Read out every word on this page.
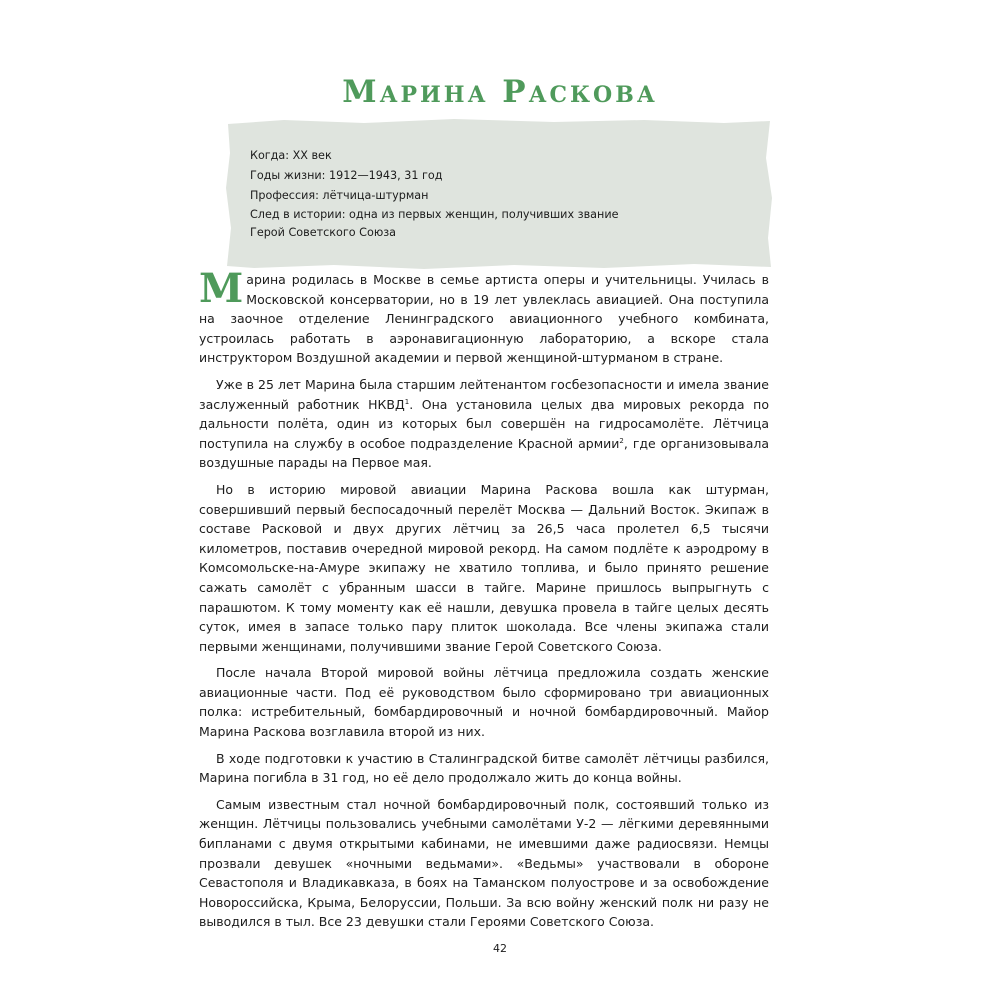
Марина Раскова

Когда: XX век

Годы жизни: 1912—1943, 31 год

Профессия: лётчица-штурман

След в истории: одна из первых женщин, получивших звание

Герой Советского Союза

Марина родилась в Москве в семье артиста оперы и учительницы. Училась в Московской консерватории, но в 19 лет увлеклась авиацией. Она поступила на заочное отделение Ленинградского авиационного учебного комбината, устроилась работать в аэронавигационную лабораторию, а вскоре стала инструктором Воздушной академии и первой женщиной-штурманом в стране.

Уже в 25 лет Марина была старшим лейтенантом госбезопасности и имела звание заслуженный работник НКВД$^1$. Она установила целых два мировых рекорда по дальности полёта, один из которых был совершён на гидросамолёте. Лётчица поступила на службу в особое подразделение Красной армии$^2$, где организовывала воздушные парады на Первое мая.

Но в историю мировой авиации Марина Раскова вошла как штурман, совершивший первый беспосадочный перелёт Москва — Дальний Восток. Экипаж в составе Расковой и двух других лётчиц за 26,5 часа пролетел 6,5 тысячи километров, поставив очередной мировой рекорд. На самом подлёте к аэродрому в Комсомольске-на-Амуре экипажу не хватило топлива, и было принято решение сажать самолёт с убранным шасси в тайге. Марине пришлось выпрыгнуть с парашютом. К тому моменту как её нашли, девушка провела в тайге целых десять суток, имея в запасе только пару плиток шоколада. Все члены экипажа стали первыми женщинами, получившими звание Герой Советского Союза.

После начала Второй мировой войны лётчица предложила создать женские авиационные части. Под её руководством было сформировано три авиационных полка: истребительный, бомбардировочный и ночной бомбардировочный. Майор Марина Раскова возглавила второй из них.

В ходе подготовки к участию в Сталинградской битве самолёт лётчицы разбился, Марина погибла в 31 год, но её дело продолжало жить до конца войны.

Самым известным стал ночной бомбардировочный полк, состоявший только из женщин. Лётчицы пользовались учебными самолётами У-2 — лёгкими деревянными бипланами с двумя открытыми кабинами, не имевшими даже радиосвязи. Немцы прозвали девушек «ночными ведьмами». «Ведьмы» участвовали в обороне Севастополя и Владикавказа, в боях на Таманском полуострове и за освобождение Новороссийска, Крыма, Белоруссии, Польши. За всю войну женский полк ни разу не выводился в тыл. Все 23 девушки стали Героями Советского Союза.

42
